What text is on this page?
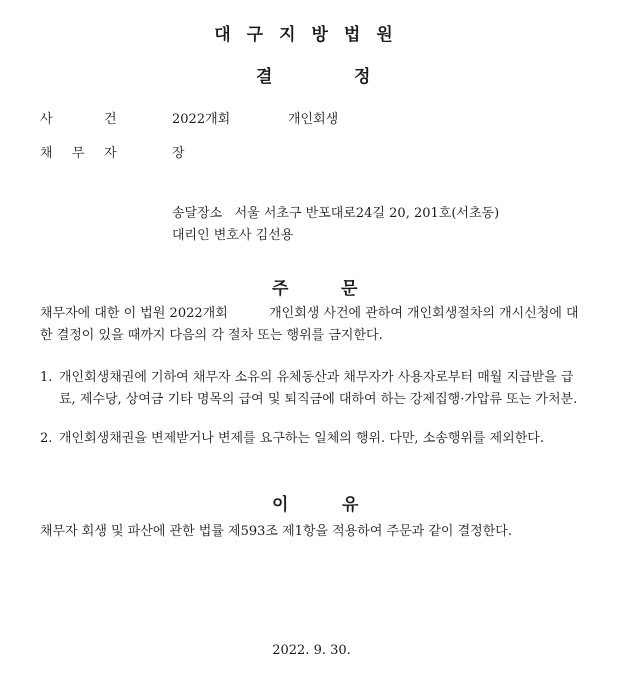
대구지방법원
결	정
사	건	2022개회	개인회생
채 무 자	장
송달장소   서울 서초구 반포대로24길 20, 201호(서초동)
대리인 변호사 김선용
주	문
채무자에 대한 이 법원 2022개회          개인회생 사건에 관하여 개인회생절차의 개시신청에 대한 결정이 있을 때까지 다음의 각 절차 또는 행위를 금지한다.
1. 개인회생채권에 기하여 채무자 소유의 유체동산과 채무자가 사용자로부터 매월 지급받을 급료, 제수당, 상여금 기타 명목의 급여 및 퇴직금에 대하여 하는 강제집행·가압류 또는 가처분.
2. 개인회생채권을 변제받거나 변제를 요구하는 일체의 행위. 다만, 소송행위를 제외한다.
이	유
채무자 회생 및 파산에 관한 법률 제593조 제1항을 적용하여 주문과 같이 결정한다.
2022. 9. 30.
